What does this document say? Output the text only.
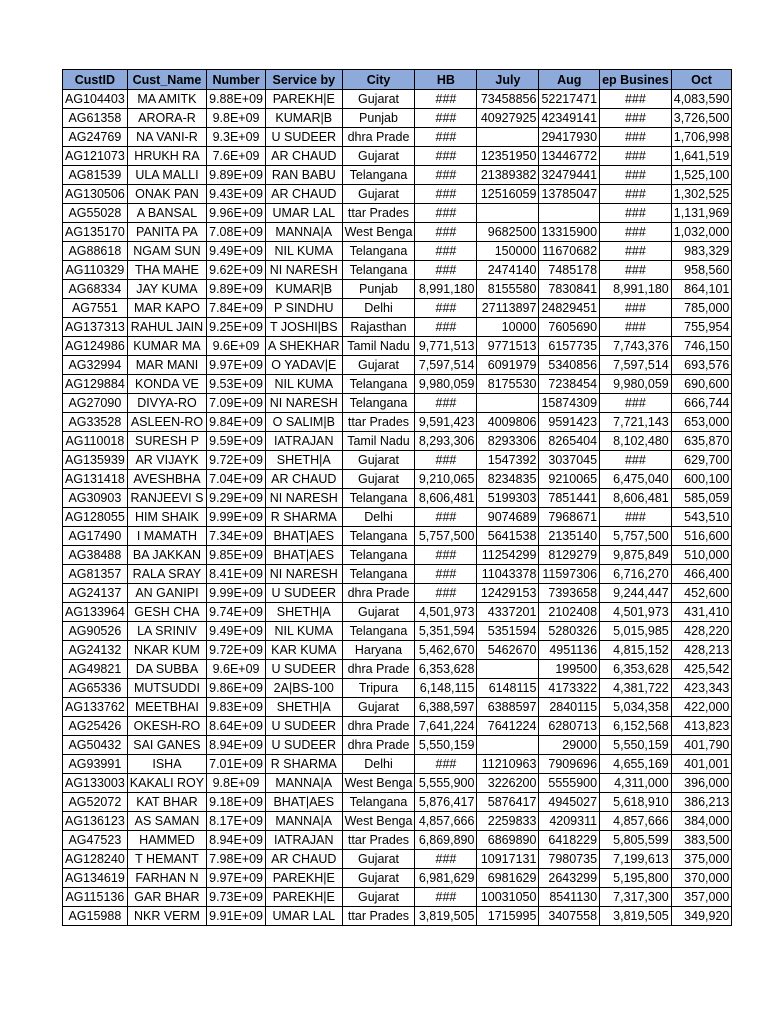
CustID	Cust_Name	Number	Service by	City	HB	July	Aug	ep Busines	Oct
AG104403	MA AMITK	9.88E+09	PAREKH|E	Gujarat	###	73458856	52217471	###	4,083,590
AG61358	ARORA-R	9.8E+09	KUMAR|B	Punjab	###	40927925	42349141	###	3,726,500
AG24769	NA VANI-R	9.3E+09	U SUDEER	dhra Prade	###		29417930	###	1,706,998
AG121073	HRUKH RA	7.6E+09	AR CHAUD	Gujarat	###	12351950	13446772	###	1,641,519
AG81539	ULA MALLI	9.89E+09	RAN BABU	Telangana	###	21389382	32479441	###	1,525,100
AG130506	ONAK PAN	9.43E+09	AR CHAUD	Gujarat	###	12516059	13785047	###	1,302,525
AG55028	A BANSAL	9.96E+09	UMAR LAL	ttar Prades	###			###	1,131,969
AG135170	PANITA PA	7.08E+09	MANNA|A	West Benga	###	9682500	13315900	###	1,032,000
AG88618	NGAM SUN	9.49E+09	NIL KUMA	Telangana	###	150000	11670682	###	983,329
AG110329	THA MAHE	9.62E+09	NI NARESH	Telangana	###	2474140	7485178	###	958,560
AG68334	JAY KUMA	9.89E+09	KUMAR|B	Punjab	8,991,180	8155580	7830841	8,991,180	864,101
AG7551	MAR KAPO	7.84E+09	P SINDHU	Delhi	###	27113897	24829451	###	785,000
AG137313	RAHUL JAIN	9.25E+09	T JOSHI|BS	Rajasthan	###	10000	7605690	###	755,954
AG124986	KUMAR MA	9.6E+09	A SHEKHAR	Tamil Nadu	9,771,513	9771513	6157735	7,743,376	746,150
AG32994	MAR MANI	9.97E+09	O YADAV|E	Gujarat	7,597,514	6091979	5340856	7,597,514	693,576
AG129884	KONDA VE	9.53E+09	NIL KUMA	Telangana	9,980,059	8175530	7238454	9,980,059	690,600
AG27090	DIVYA-RO	7.09E+09	NI NARESH	Telangana	###		15874309	###	666,744
AG33528	ASLEEN-RO	9.84E+09	O SALIM|B	ttar Prades	9,591,423	4009806	9591423	7,721,143	653,000
AG110018	SURESH P	9.59E+09	IATRAJAN	Tamil Nadu	8,293,306	8293306	8265404	8,102,480	635,870
AG135939	AR VIJAYK	9.72E+09	SHETH|A	Gujarat	###	1547392	3037045	###	629,700
AG131418	AVESHBHA	7.04E+09	AR CHAUD	Gujarat	9,210,065	8234835	9210065	6,475,040	600,100
AG30903	RANJEEVI S	9.29E+09	NI NARESH	Telangana	8,606,481	5199303	7851441	8,606,481	585,059
AG128055	HIM SHAIK	9.99E+09	R SHARMA	Delhi	###	9074689	7968671	###	543,510
AG17490	I MAMATH	7.34E+09	BHAT|AES	Telangana	5,757,500	5641538	2135140	5,757,500	516,600
AG38488	BA JAKKAN	9.85E+09	BHAT|AES	Telangana	###	11254299	8129279	9,875,849	510,000
AG81357	RALA SRAY	8.41E+09	NI NARESH	Telangana	###	11043378	11597306	6,716,270	466,400
AG24137	AN GANIPI	9.99E+09	U SUDEER	dhra Prade	###	12429153	7393658	9,244,447	452,600
AG133964	GESH CHA	9.74E+09	SHETH|A	Gujarat	4,501,973	4337201	2102408	4,501,973	431,410
AG90526	LA SRINIV	9.49E+09	NIL KUMA	Telangana	5,351,594	5351594	5280326	5,015,985	428,220
AG24132	NKAR KUM	9.72E+09	KAR KUMA	Haryana	5,462,670	5462670	4951136	4,815,152	428,213
AG49821	DA SUBBA	9.6E+09	U SUDEER	dhra Prade	6,353,628		199500	6,353,628	425,542
AG65336	MUTSUDDI	9.86E+09	2A|BS-100	Tripura	6,148,115	6148115	4173322	4,381,722	423,343
AG133762	MEETBHAI	9.83E+09	SHETH|A	Gujarat	6,388,597	6388597	2840115	5,034,358	422,000
AG25426	OKESH-RO	8.64E+09	U SUDEER	dhra Prade	7,641,224	7641224	6280713	6,152,568	413,823
AG50432	SAI GANES	8.94E+09	U SUDEER	dhra Prade	5,550,159		29000	5,550,159	401,790
AG93991	ISHA	7.01E+09	R SHARMA	Delhi	###	11210963	7909696	4,655,169	401,001
AG133003	KAKALI ROY	9.8E+09	MANNA|A	West Benga	5,555,900	3226200	5555900	4,311,000	396,000
AG52072	KAT BHAR	9.18E+09	BHAT|AES	Telangana	5,876,417	5876417	4945027	5,618,910	386,213
AG136123	AS SAMAN	8.17E+09	MANNA|A	West Benga	4,857,666	2259833	4209311	4,857,666	384,000
AG47523	HAMMED	8.94E+09	IATRAJAN	ttar Prades	6,869,890	6869890	6418229	5,805,599	383,500
AG128240	T HEMANT	7.98E+09	AR CHAUD	Gujarat	###	10917131	7980735	7,199,613	375,000
AG134619	FARHAN N	9.97E+09	PAREKH|E	Gujarat	6,981,629	6981629	2643299	5,195,800	370,000
AG115136	GAR BHAR	9.73E+09	PAREKH|E	Gujarat	###	10031050	8541130	7,317,300	357,000
AG15988	NKR VERM	9.91E+09	UMAR LAL	ttar Prades	3,819,505	1715995	3407558	3,819,505	349,920
